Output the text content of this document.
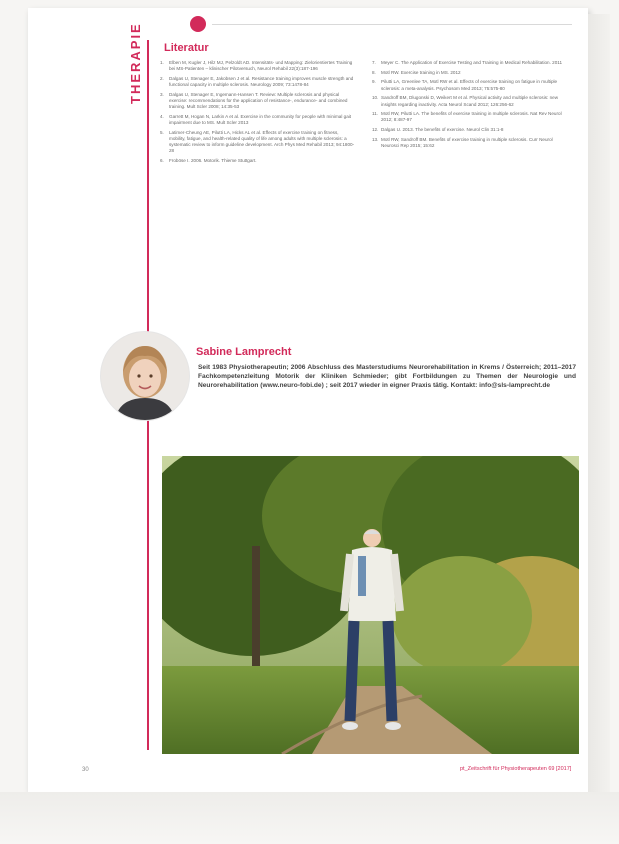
THERAPIE	Literatur
1.	Elben M, Kugler J, Hilz MJ, Pelzoldt AD. Intensitäts- und Mapping: Zielorientiertes Training bei MS-Patienten – klinischer Pilotversuch, Neurol Rehabil 22(3):187-196
2.	Dalgas U, Stenager E, Jakobsen J et al. Resistance training improves muscle strength and functional capacity in multiple sclerosis. Neurology 2009; 73:1478-84
3.	Dalgas U, Stenager E, Ingemann-Hansen T. Review: Multiple sclerosis and physical exercise: recommendations for the application of resistance-, endurance- and combined training. Mult Scler 2008; 14:35-53
4.	Garrett M, Hogan N, Larkin A et al. Exercise in the community for people with minimal gait impairment due to MS. Mult Scler 2013
5.	Latimer-Cheung AE, Pilutti LA, Hicks AL et al. Effects of exercise training on fitness, mobility, fatigue, and health-related quality of life among adults with multiple sclerosis: a systematic review to inform guideline development. Arch Phys Med Rehabil 2013; 94:1800-28
6.	Froböse I. 2006. Motorik. Thieme Stuttgart.
7.	Meyer C. The Application of Exercise Testing and Training in Medical Rehabilitation. 2011
8.	Motl RW. Exercise training in MS. 2012
9.	Pilutti LA, Greenlee TA, Motl RW et al. Effects of exercise training on fatigue in multiple sclerosis: a meta-analysis. Psychosom Med 2013; 75:575-80
10. Sandroff BM, Dlugonski D, Weikert M et al. Physical activity and multiple sclerosis: new insights regarding inactivity. Acta Neurol Scand 2012; 126:256-62
11. Motl RW, Pilutti LA. The benefits of exercise training in multiple sclerosis. Nat Rev Neurol 2012; 8:487-97
12. Dalgas U. 2013. The benefits of exercise. Neurol Clin 31:1-8
13. Motl RW, Sandroff BM. Benefits of exercise training in multiple sclerosis. Curr Neurol Neurosci Rep 2015; 15:62
Sabine Lamprecht
Seit 1983 Physiotherapeutin; 2006 Abschluss des Masterstudiums Neurorehabilitation in Krems / Österreich; 2011–2017 Fachkompetenzleitung Motorik der Kliniken Schmieder; gibt Fortbildungen zu Themen der Neurologie und Neurorehabilitation (www.neuro-fobi.de) ; seit 2017 wieder in eigner Praxis tätig. Kontakt: info@sls-lamprecht.de
30	pt_Zeitschrift für Physiotherapeuten 69 [2017]
